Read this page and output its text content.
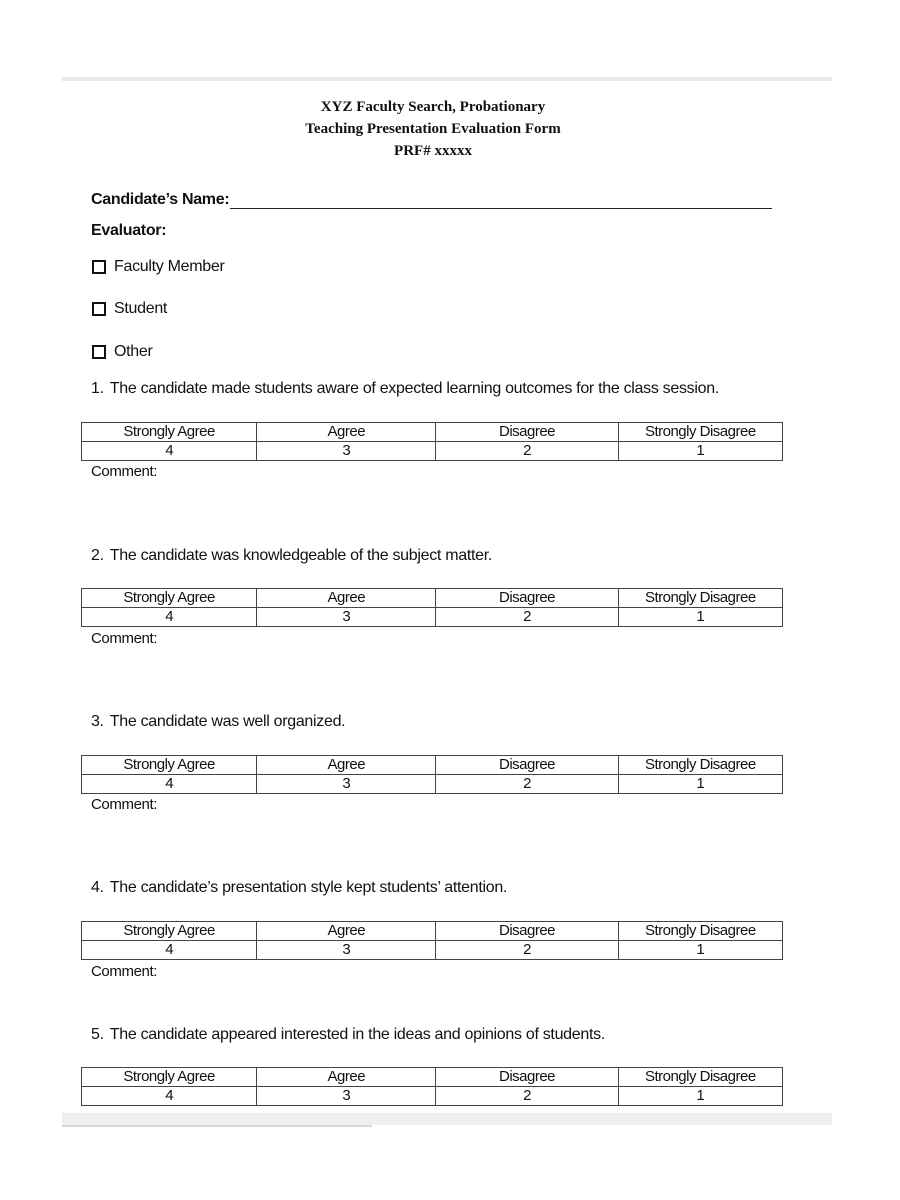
XYZ Faculty Search, Probationary
Teaching Presentation Evaluation Form
PRF# xxxxx
Candidate’s Name:
Evaluator:
Faculty Member
Student
Other
1. The candidate made students aware of expected learning outcomes for the class session.
Strongly Agree	Agree	Disagree	Strongly Disagree
4	3	2	1
Comment:
2. The candidate was knowledgeable of the subject matter.
Strongly Agree	Agree	Disagree	Strongly Disagree
4	3	2	1
Comment:
3. The candidate was well organized.
Strongly Agree	Agree	Disagree	Strongly Disagree
4	3	2	1
Comment:
4. The candidate’s presentation style kept students’ attention.
Strongly Agree	Agree	Disagree	Strongly Disagree
4	3	2	1
Comment:
5. The candidate appeared interested in the ideas and opinions of students.
Strongly Agree	Agree	Disagree	Strongly Disagree
4	3	2	1
